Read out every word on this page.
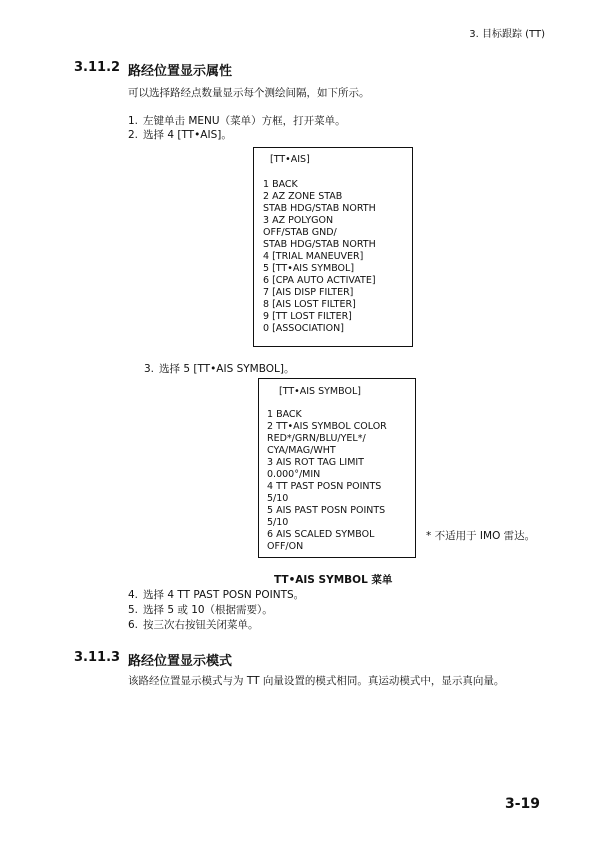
3. 目标跟踪 (TT)
3.11.2 路经位置显示属性
可以选择路经点数量显示每个测绘间隔，如下所示。
1. 左键单击 MENU（菜单）方框，打开菜单。
2. 选择 4 [TT•AIS]。
[TT•AIS]
1 BACK
2 AZ ZONE STAB
STAB HDG/STAB NORTH
3 AZ POLYGON
OFF/STAB GND/
STAB HDG/STAB NORTH
4 [TRIAL MANEUVER]
5 [TT•AIS SYMBOL]
6 [CPA AUTO ACTIVATE]
7 [AIS DISP FILTER]
8 [AIS LOST FILTER]
9 [TT LOST FILTER]
0 [ASSOCIATION]
3. 选择 5 [TT•AIS SYMBOL]。
[TT•AIS SYMBOL]
1 BACK
2 TT•AIS SYMBOL COLOR
RED*/GRN/BLU/YEL*/
CYA/MAG/WHT
3 AIS ROT TAG LIMIT
0.000°/MIN
4 TT PAST POSN POINTS
5/10
5 AIS PAST POSN POINTS
5/10
6 AIS SCALED SYMBOL
OFF/ON
* 不适用于 IMO 雷达。
TT•AIS SYMBOL 菜单
4. 选择 4 TT PAST POSN POINTS。
5. 选择 5 或 10（根据需要）。
6. 按三次右按钮关闭菜单。
3.11.3 路经位置显示模式
该路经位置显示模式与为 TT 向量设置的模式相同。真运动模式中，显示真向量。
3-19
